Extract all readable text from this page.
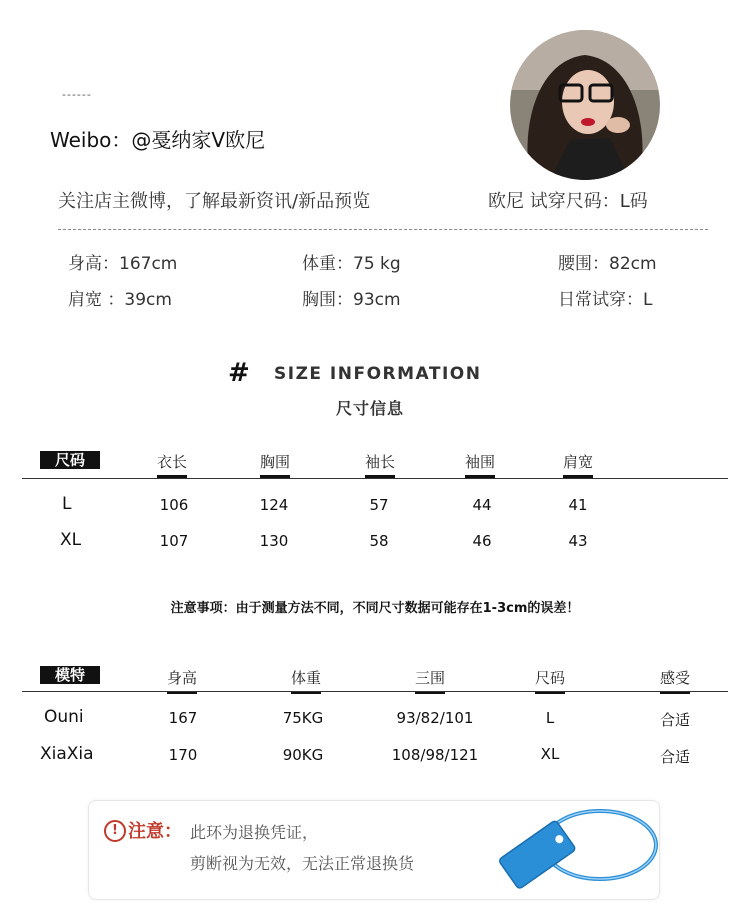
------
Weibo：@戞纳家V欧尼
关注店主微博，了解最新资讯/新品预览	欧尼 试穿尺码：L码
身高：167cm	体重：75 kg	腰围：82cm
肩宽 ：39cm	胸围：93cm	日常试穿：L
# SIZE INFORMATION
尺寸信息
尺码	衣长	胸围	袖长	袖围	肩宽
L	106	124	57	44	41
XL	107	130	58	46	43
注意事项：由于测量方法不同，不同尺寸数据可能存在1-3cm的误差！
模特	身高	体重	三围	尺码	感受
Ouni	167	75KG	93/82/101	L	合适
XiaXia	170	90KG	108/98/121	XL	合适
! 注意： 此环为退换凭证，
剪断视为无效，无法正常退换货
